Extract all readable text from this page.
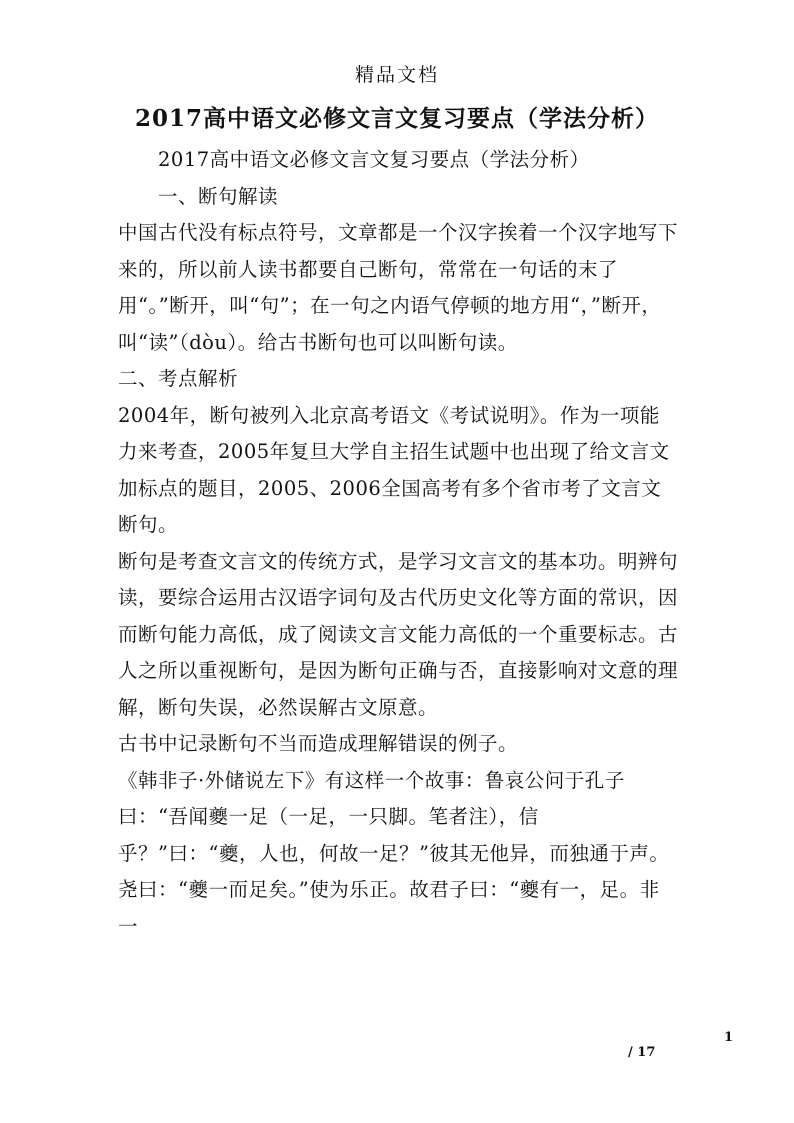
精品文档
2017高中语文必修文言文复习要点（学法分析）

2017高中语文必修文言文复习要点（学法分析）

一、断句解读

中国古代没有标点符号，文章都是一个汉字挨着一个汉字地写下来的，所以前人读书都要自己断句，常常在一句话的末了用“。”断开，叫“句”；在一句之内语气停顿的地方用“，”断开，叫“读”（dòu）。给古书断句也可以叫断句读。

二、考点解析

2004年，断句被列入北京高考语文《考试说明》。作为一项能力来考查，2005年复旦大学自主招生试题中也出现了给文言文加标点的题目，2005、2006全国高考有多个省市考了文言文断句。

断句是考查文言文的传统方式，是学习文言文的基本功。明辨句读，要综合运用古汉语字词句及古代历史文化等方面的常识，因而断句能力高低，成了阅读文言文能力高低的一个重要标志。古人之所以重视断句，是因为断句正确与否，直接影响对文意的理解，断句失误，必然误解古文原意。

古书中记录断句不当而造成理解错误的例子。

《韩非子·外储说左下》有这样一个故事：鲁哀公问于孔子曰：“吾闻夔一足（一足，一只脚。笔者注），信乎？”曰：“夔，人也，何故一足？”彼其无他异，而独通于声。尧曰：“夔一而足矣。”使为乐正。故君子曰：“夔有一，足。非一

1
/ 17
